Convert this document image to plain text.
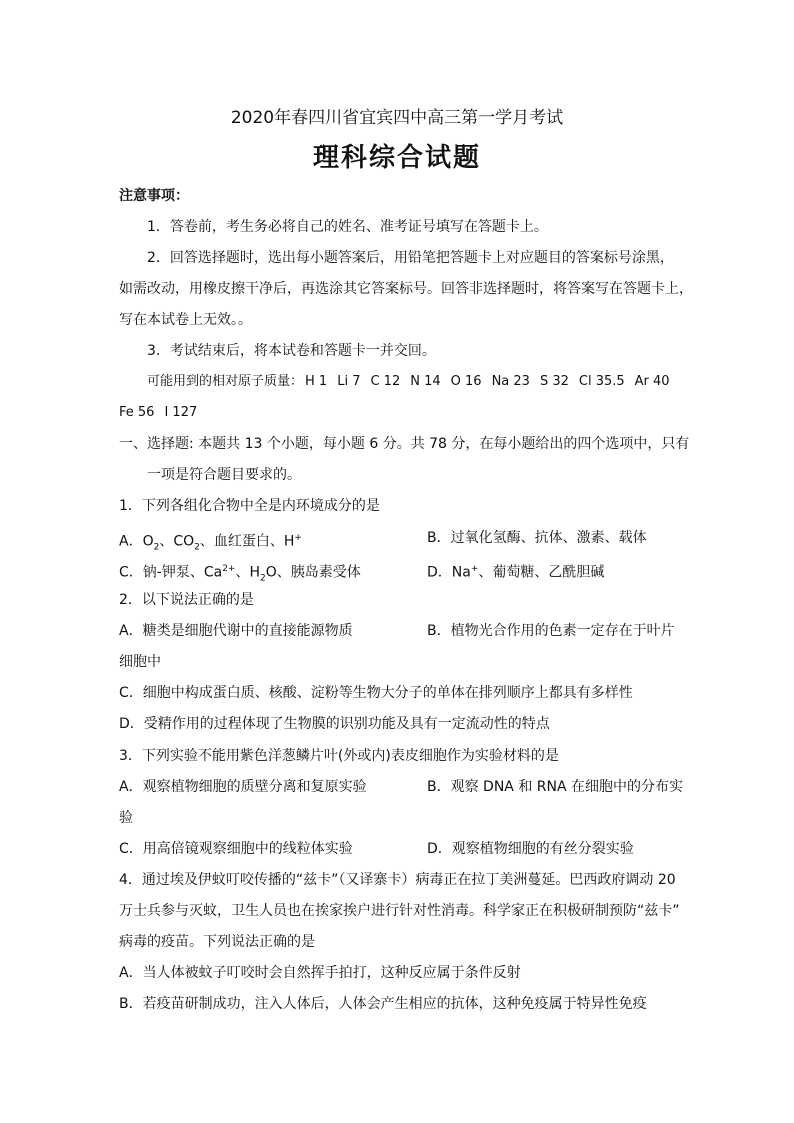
2020年春四川省宜宾四中高三第一学月考试
理科综合试题
注意事项：
1．答卷前，考生务必将自己的姓名、准考证号填写在答题卡上。
2．回答选择题时，选出每小题答案后，用铅笔把答题卡上对应题目的答案标号涂黑，
如需改动，用橡皮擦干净后，再选涂其它答案标号。回答非选择题时，将答案写在答题卡上，
写在本试卷上无效。。
3．考试结束后，将本试卷和答题卡一并交回。
可能用到的相对原子质量： H 1 Li 7 C 12 N 14 O 16 Na 23 S 32 Cl 35.5 Ar 40
Fe 56 I 127
一、选择题: 本题共 13 个小题，每小题 6 分。共 78 分，在每小题给出的四个选项中，只有
一项是符合题目要求的。
1．下列各组化合物中全是内环境成分的是
A．$O_2$、$CO_2$、血红蛋白、H+	B．过氧化氢酶、抗体、激素、载体
C．钠-钾泵、$Ca^{2+}$、$H_2O$、胰岛素受体	D．Na+、葡萄糖、乙酰胆碱
2．以下说法正确的是
A．糖类是细胞代谢中的直接能源物质	B．植物光合作用的色素一定存在于叶片
细胞中
C．细胞中构成蛋白质、核酸、淀粉等生物大分子的单体在排列顺序上都具有多样性
D．受精作用的过程体现了生物膜的识别功能及具有一定流动性的特点
3．下列实验不能用紫色洋葱鳞片叶(外或内)表皮细胞作为实验材料的是
A．观察植物细胞的质壁分离和复原实验	B．观察 DNA 和 RNA 在细胞中的分布实
验
C．用高倍镜观察细胞中的线粒体实验	D．观察植物细胞的有丝分裂实验
4．通过埃及伊蚊叮咬传播的“兹卡”（又译寨卡）病毒正在拉丁美洲蔓延。巴西政府调动 20
万士兵参与灭蚊，卫生人员也在挨家挨户进行针对性消毒。科学家正在积极研制预防“兹卡”
病毒的疫苗。下列说法正确的是
A．当人体被蚊子叮咬时会自然挥手拍打，这种反应属于条件反射
B．若疫苗研制成功，注入人体后，人体会产生相应的抗体，这种免疫属于特异性免疫
